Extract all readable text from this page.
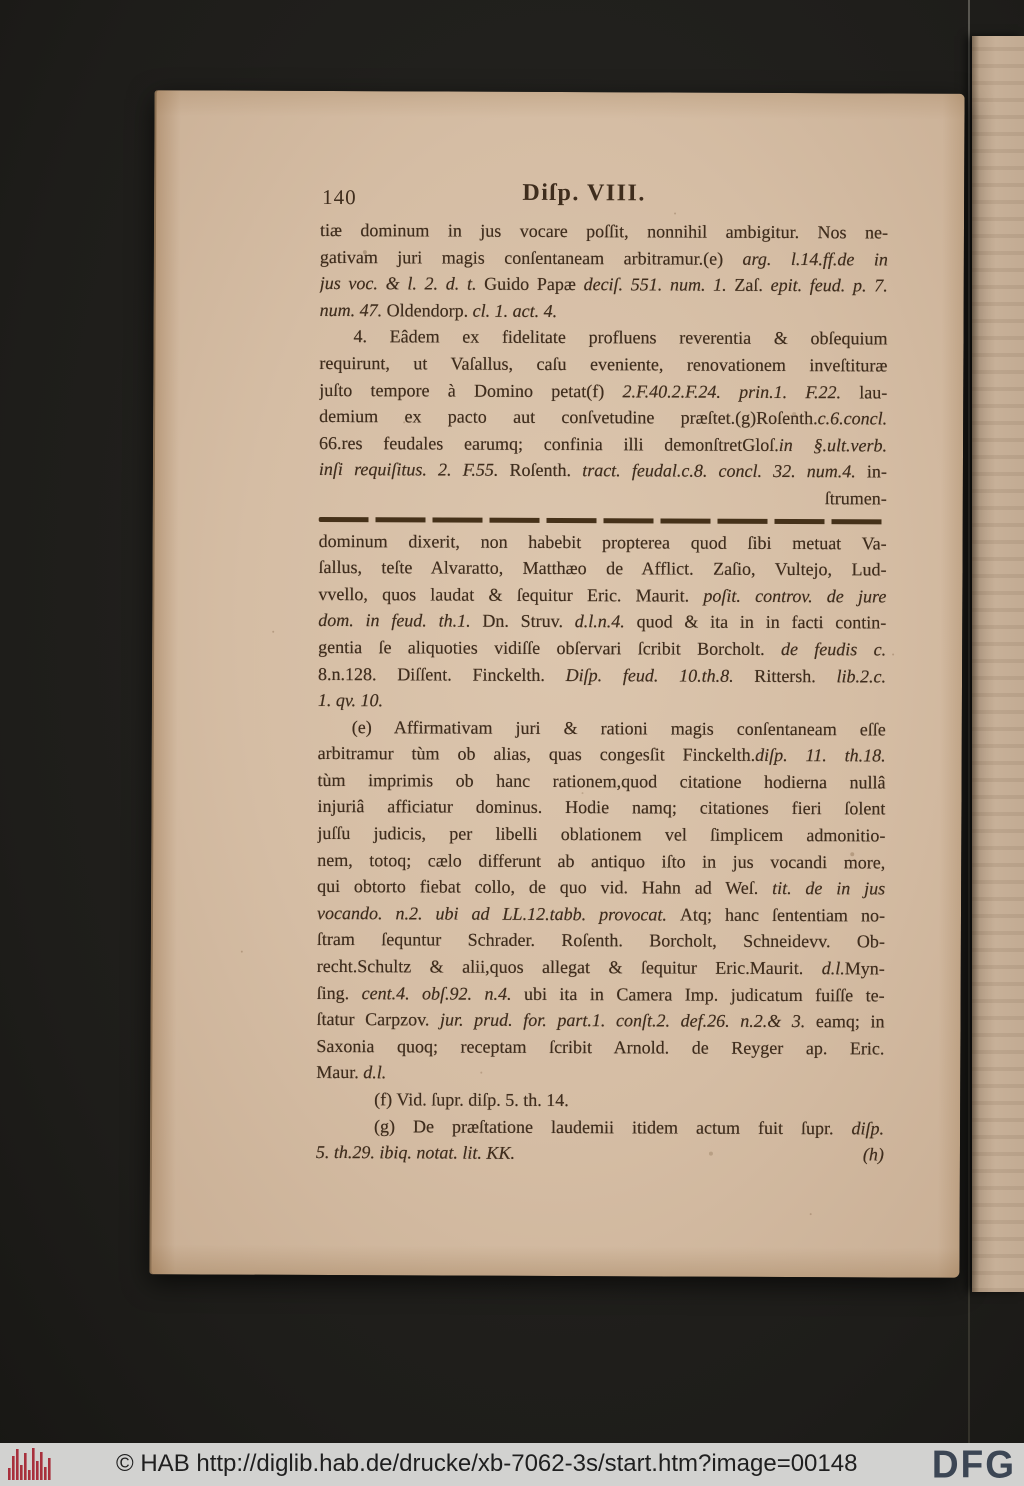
140	Diſp. VIII.
tiæ dominum in jus vocare poſſit, nonnihil ambigitur. Nos ne-
gativam juri magis conſentaneam arbitramur.(e) arg. l.14.ff.de in
jus voc. & l. 2. d. t. Guido Papæ deciſ. 551. num. 1. Zaſ. epit. feud. p. 7.
num. 47. Oldendorp. cl. 1. act. 4.
4. Eâdem ex fidelitate profluens reverentia & obſequium
requirunt, ut Vaſallus, caſu eveniente, renovationem inveſtituræ
juſto tempore à Domino petat(f) 2.F.40.2.F.24. prin.1. F.22. lau-
demium ex pacto aut conſvetudine præſtet.(g)Roſenth.c.6.concl.
66.res feudales earumq; confinia illi demonſtretGloſ.in §.ult.verb.
inſi requiſitus. 2. F.55. Roſenth. tract. feudal.c.8. concl. 32. num.4. in-
ſtrumen-
dominum dixerit, non habebit propterea quod ſibi metuat Va-
ſallus, teſte Alvaratto, Matthæo de Afflict. Zaſio, Vultejo, Lud-
vvello, quos laudat & ſequitur Eric. Maurit. poſit. controv. de jure
dom. in feud. th.1. Dn. Struv. d.l.n.4. quod & ita in in facti contin-
gentia ſe aliquoties vidiſſe obſervari ſcribit Borcholt. de feudis c.
8.n.128. Diſſent. Finckelth. Diſp. feud. 10.th.8. Rittersh. lib.2.c.
1. qv. 10.
(e) Affirmativam juri & rationi magis conſentaneam eſſe
arbitramur tùm ob alias, quas congesſit Finckelth.diſp. 11. th.18.
tùm imprimis ob hanc rationem,quod citatione hodierna nullâ
injuriâ afficiatur dominus. Hodie namq; citationes fieri ſolent
juſſu judicis, per libelli oblationem vel ſimplicem admonitio-
nem, totoq; cælo differunt ab antiquo iſto in jus vocandi more,
qui obtorto fiebat collo, de quo vid. Hahn ad Weſ. tit. de in jus
vocando. n.2. ubi ad LL.12.tabb. provocat. Atq; hanc ſententiam no-
ſtram ſequntur Schrader. Roſenth. Borcholt, Schneidevv. Ob-
recht.Schultz & alii,quos allegat & ſequitur Eric.Maurit. d.l.Myn-
ſing. cent.4. obſ.92. n.4. ubi ita in Camera Imp. judicatum fuiſſe te-
ſtatur Carpzov. jur. prud. for. part.1. conſt.2. def.26. n.2.& 3. eamq; in
Saxonia quoq; receptam ſcribit Arnold. de Reyger ap. Eric.
Maur. d.l.
(f) Vid. ſupr. diſp. 5. th. 14.
(g) De præſtatione laudemii itidem actum fuit ſupr. diſp.
5. th.29. ibiq. notat. lit. KK.	(h)
© HAB http://diglib.hab.de/drucke/xb-7062-3s/start.htm?image=00148 DFG
